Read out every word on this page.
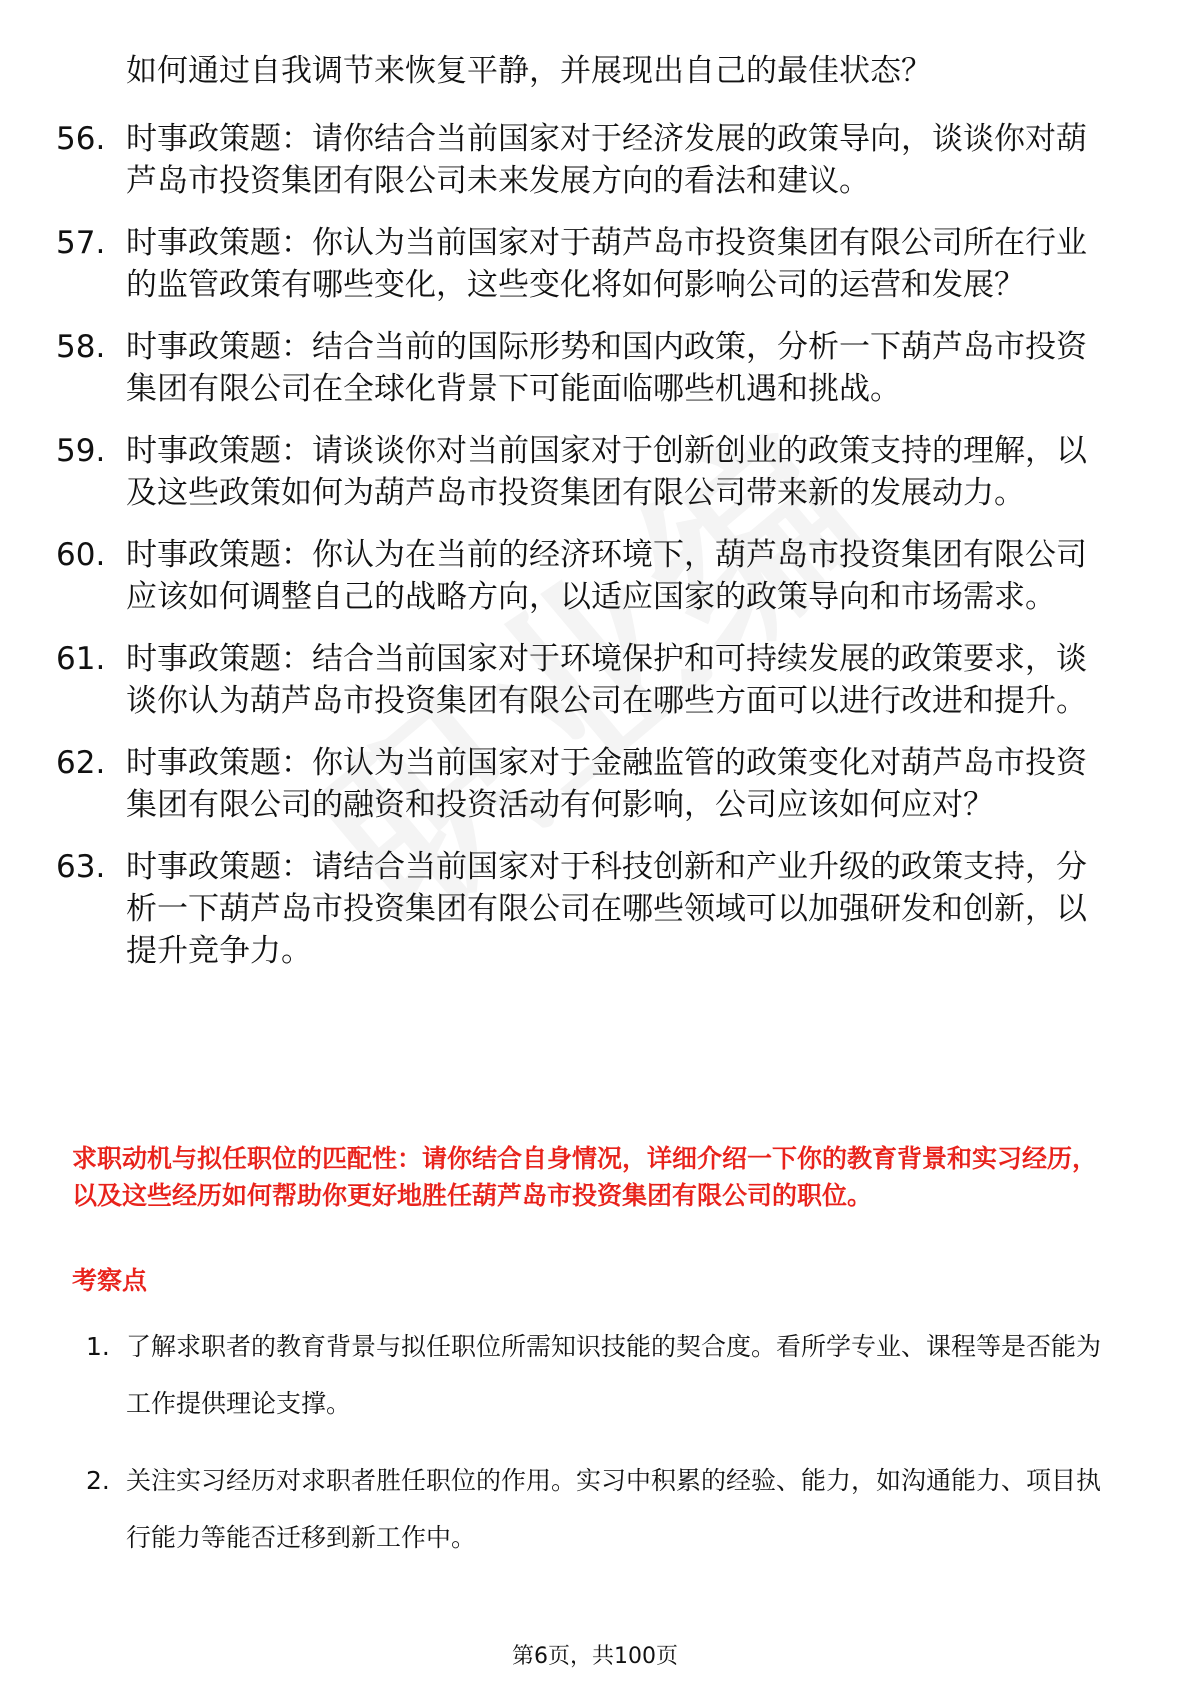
如何通过自我调节来恢复平静，并展现出自己的最佳状态？
56. 时事政策题：请你结合当前国家对于经济发展的政策导向，谈谈你对葫芦岛市投资集团有限公司未来发展方向的看法和建议。
57. 时事政策题：你认为当前国家对于葫芦岛市投资集团有限公司所在行业的监管政策有哪些变化，这些变化将如何影响公司的运营和发展？
58. 时事政策题：结合当前的国际形势和国内政策，分析一下葫芦岛市投资集团有限公司在全球化背景下可能面临哪些机遇和挑战。
59. 时事政策题：请谈谈你对当前国家对于创新创业的政策支持的理解，以及这些政策如何为葫芦岛市投资集团有限公司带来新的发展动力。
60. 时事政策题：你认为在当前的经济环境下，葫芦岛市投资集团有限公司应该如何调整自己的战略方向，以适应国家的政策导向和市场需求。
61. 时事政策题：结合当前国家对于环境保护和可持续发展的政策要求，谈谈你认为葫芦岛市投资集团有限公司在哪些方面可以进行改进和提升。
62. 时事政策题：你认为当前国家对于金融监管的政策变化对葫芦岛市投资集团有限公司的融资和投资活动有何影响，公司应该如何应对？
63. 时事政策题：请结合当前国家对于科技创新和产业升级的政策支持，分析一下葫芦岛市投资集团有限公司在哪些领域可以加强研发和创新，以提升竞争力。
求职动机与拟任职位的匹配性：请你结合自身情况，详细介绍一下你的教育背景和实习经历，以及这些经历如何帮助你更好地胜任葫芦岛市投资集团有限公司的职位。
考察点
1. 了解求职者的教育背景与拟任职位所需知识技能的契合度。看所学专业、课程等是否能为工作提供理论支撑。
2. 关注实习经历对求职者胜任职位的作用。实习中积累的经验、能力，如沟通能力、项目执行能力等能否迁移到新工作中。
第6页，共100页
